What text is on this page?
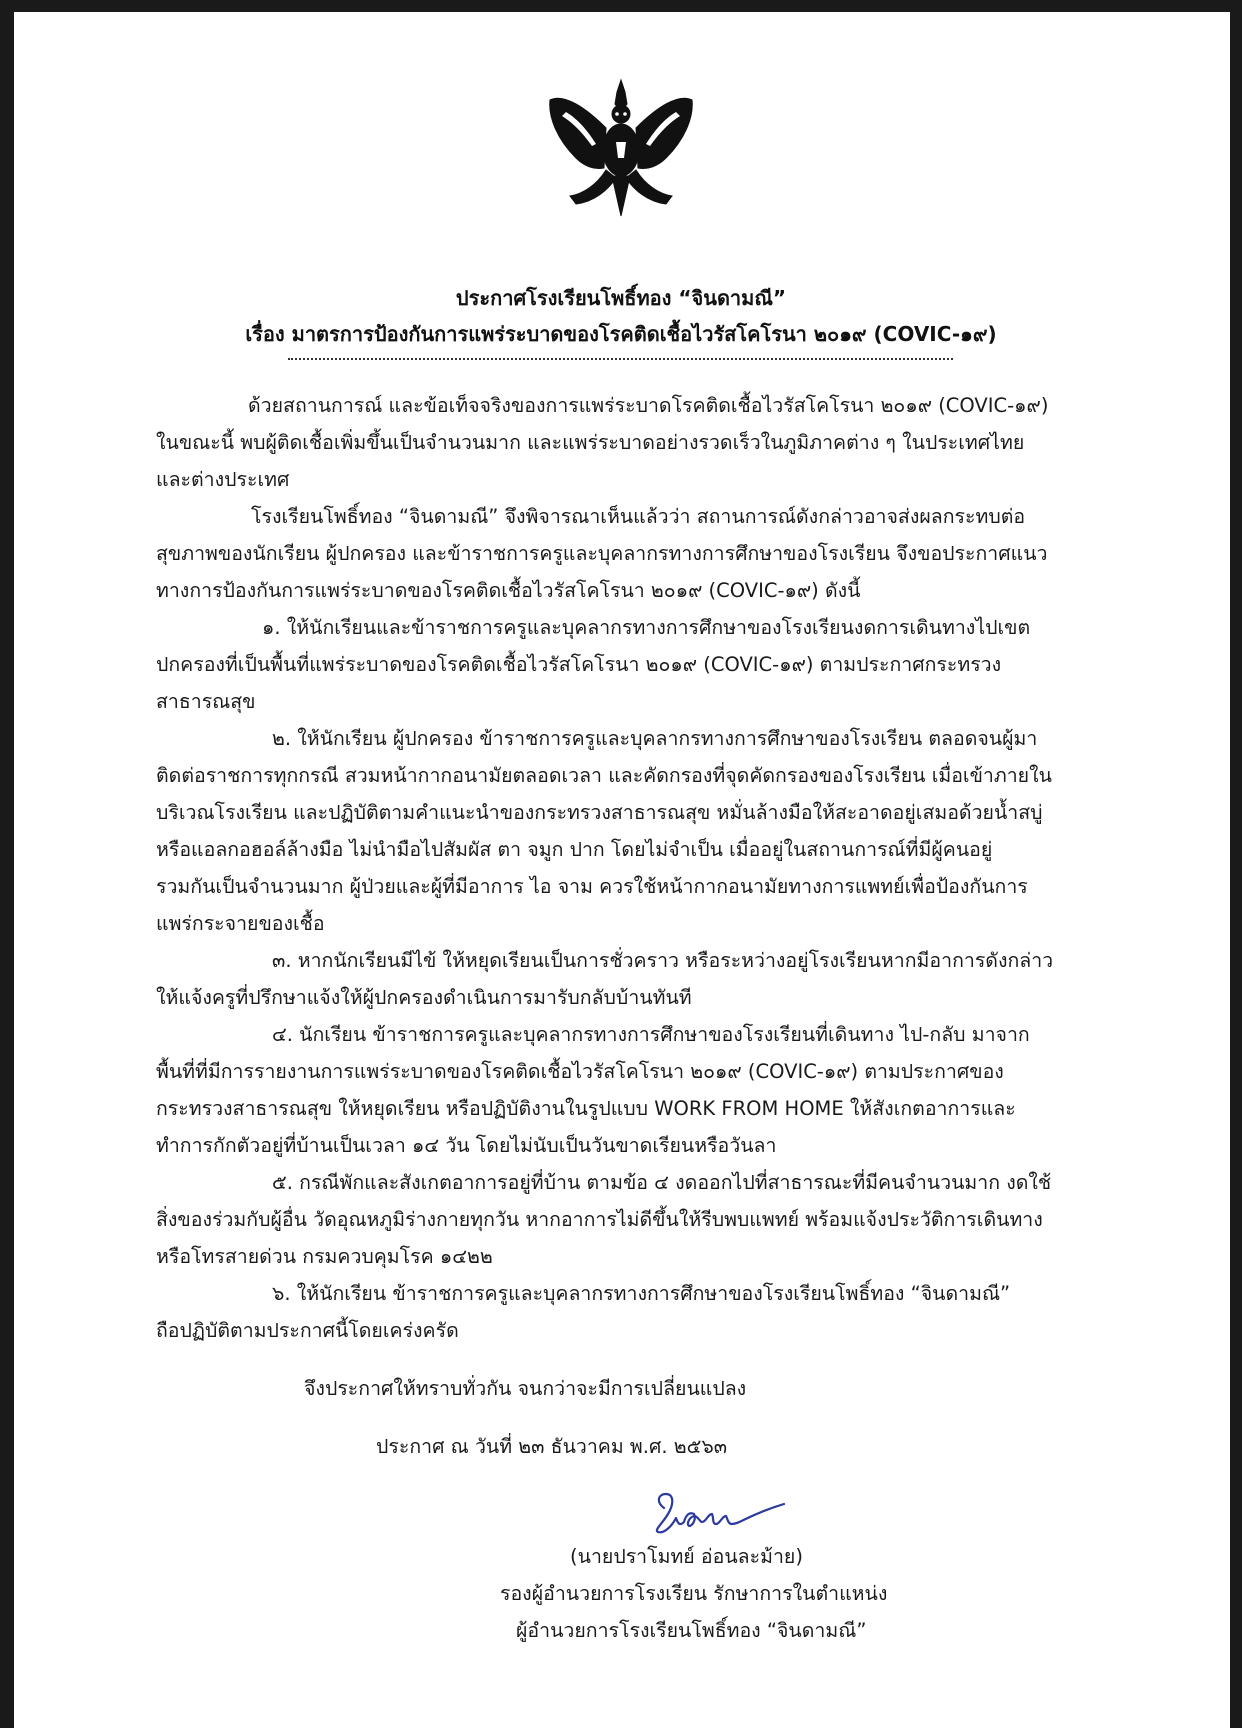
ประกาศโรงเรียนโพธิ์ทอง “จินดามณี”
เรื่อง มาตรการป้องกันการแพร่ระบาดของโรคติดเชื้อไวรัสโคโรนา ๒๐๑๙ (COVIC-๑๙)
ด้วยสถานการณ์ และข้อเท็จจริงของการแพร่ระบาดโรคติดเชื้อไวรัสโคโรนา ๒๐๑๙ (COVIC-๑๙)
ในขณะนี้ พบผู้ติดเชื้อเพิ่มขึ้นเป็นจำนวนมาก และแพร่ระบาดอย่างรวดเร็วในภูมิภาคต่าง ๆ ในประเทศไทย
และต่างประเทศ
โรงเรียนโพธิ์ทอง “จินดามณี” จึงพิจารณาเห็นแล้วว่า สถานการณ์ดังกล่าวอาจส่งผลกระทบต่อ
สุขภาพของนักเรียน ผู้ปกครอง และข้าราชการครูและบุคลากรทางการศึกษาของโรงเรียน จึงขอประกาศแนว
ทางการป้องกันการแพร่ระบาดของโรคติดเชื้อไวรัสโคโรนา ๒๐๑๙ (COVIC-๑๙) ดังนี้
๑. ให้นักเรียนและข้าราชการครูและบุคลากรทางการศึกษาของโรงเรียนงดการเดินทางไปเขต
ปกครองที่เป็นพื้นที่แพร่ระบาดของโรคติดเชื้อไวรัสโคโรนา ๒๐๑๙ (COVIC-๑๙) ตามประกาศกระทรวง
สาธารณสุข
๒. ให้นักเรียน ผู้ปกครอง ข้าราชการครูและบุคลากรทางการศึกษาของโรงเรียน ตลอดจนผู้มา
ติดต่อราชการทุกกรณี สวมหน้ากากอนามัยตลอดเวลา และคัดกรองที่จุดคัดกรองของโรงเรียน เมื่อเข้าภายใน
บริเวณโรงเรียน และปฏิบัติตามคำแนะนำของกระทรวงสาธารณสุข หมั่นล้างมือให้สะอาดอยู่เสมอด้วยน้ำสบู่
หรือแอลกอฮอล์ล้างมือ ไม่นำมือไปสัมผัส ตา จมูก ปาก โดยไม่จำเป็น เมื่ออยู่ในสถานการณ์ที่มีผู้คนอยู่
รวมกันเป็นจำนวนมาก ผู้ป่วยและผู้ที่มีอาการ ไอ จาม ควรใช้หน้ากากอนามัยทางการแพทย์เพื่อป้องกันการ
แพร่กระจายของเชื้อ
๓. หากนักเรียนมีไข้ ให้หยุดเรียนเป็นการชั่วคราว หรือระหว่างอยู่โรงเรียนหากมีอาการดังกล่าว
ให้แจ้งครูที่ปรึกษาแจ้งให้ผู้ปกครองดำเนินการมารับกลับบ้านทันที
๔. นักเรียน ข้าราชการครูและบุคลากรทางการศึกษาของโรงเรียนที่เดินทาง ไป-กลับ มาจาก
พื้นที่ที่มีการรายงานการแพร่ระบาดของโรคติดเชื้อไวรัสโคโรนา ๒๐๑๙ (COVIC-๑๙) ตามประกาศของ
กระทรวงสาธารณสุข ให้หยุดเรียน หรือปฏิบัติงานในรูปแบบ WORK FROM HOME ให้สังเกตอาการและ
ทำการกักตัวอยู่ที่บ้านเป็นเวลา ๑๔ วัน โดยไม่นับเป็นวันขาดเรียนหรือวันลา
๕. กรณีพักและสังเกตอาการอยู่ที่บ้าน ตามข้อ ๔ งดออกไปที่สาธารณะที่มีคนจำนวนมาก งดใช้
สิ่งของร่วมกับผู้อื่น วัดอุณหภูมิร่างกายทุกวัน หากอาการไม่ดีขึ้นให้รีบพบแพทย์ พร้อมแจ้งประวัติการเดินทาง
หรือโทรสายด่วน กรมควบคุมโรค ๑๔๒๒
๖. ให้นักเรียน ข้าราชการครูและบุคลากรทางการศึกษาของโรงเรียนโพธิ์ทอง “จินดามณี”
ถือปฏิบัติตามประกาศนี้โดยเคร่งครัด
จึงประกาศให้ทราบทั่วกัน จนกว่าจะมีการเปลี่ยนแปลง
ประกาศ ณ วันที่ ๒๓ ธันวาคม พ.ศ. ๒๕๖๓
(นายปราโมทย์ อ่อนละม้าย)
รองผู้อำนวยการโรงเรียน รักษาการในตำแหน่ง
ผู้อำนวยการโรงเรียนโพธิ์ทอง “จินดามณี”
